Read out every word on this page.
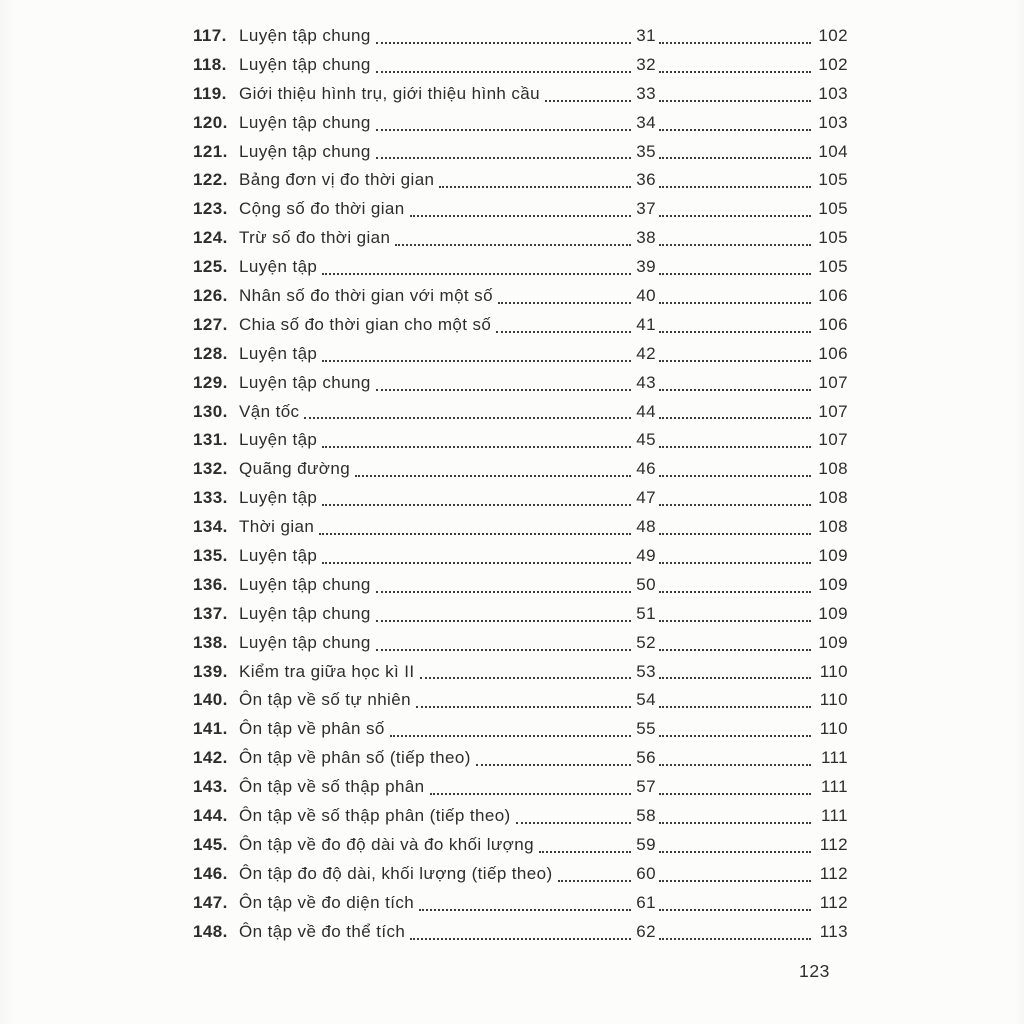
117. Luyện tập chung	31	102
118. Luyện tập chung	32	102
119. Giới thiệu hình trụ, giới thiệu hình cầu	33	103
120. Luyện tập chung	34	103
121. Luyện tập chung	35	104
122. Bảng đơn vị đo thời gian	36	105
123. Cộng số đo thời gian	37	105
124. Trừ số đo thời gian	38	105
125. Luyện tập	39	105
126. Nhân số đo thời gian với một số	40	106
127. Chia số đo thời gian cho một số	41	106
128. Luyện tập	42	106
129. Luyện tập chung	43	107
130. Vận tốc	44	107
131. Luyện tập	45	107
132. Quãng đường	46	108
133. Luyện tập	47	108
134. Thời gian	48	108
135. Luyện tập	49	109
136. Luyện tập chung	50	109
137. Luyện tập chung	51	109
138. Luyện tập chung	52	109
139. Kiểm tra giữa học kì II	53	110
140. Ôn tập về số tự nhiên	54	110
141. Ôn tập về phân số	55	110
142. Ôn tập về phân số (tiếp theo)	56	111
143. Ôn tập về số thập phân	57	111
144. Ôn tập về số thập phân (tiếp theo)	58	111
145. Ôn tập về đo độ dài và đo khối lượng	59	112
146. Ôn tập đo độ dài, khối lượng (tiếp theo)	60	112
147. Ôn tập về đo diện tích	61	112
148. Ôn tập về đo thể tích	62	113
123
